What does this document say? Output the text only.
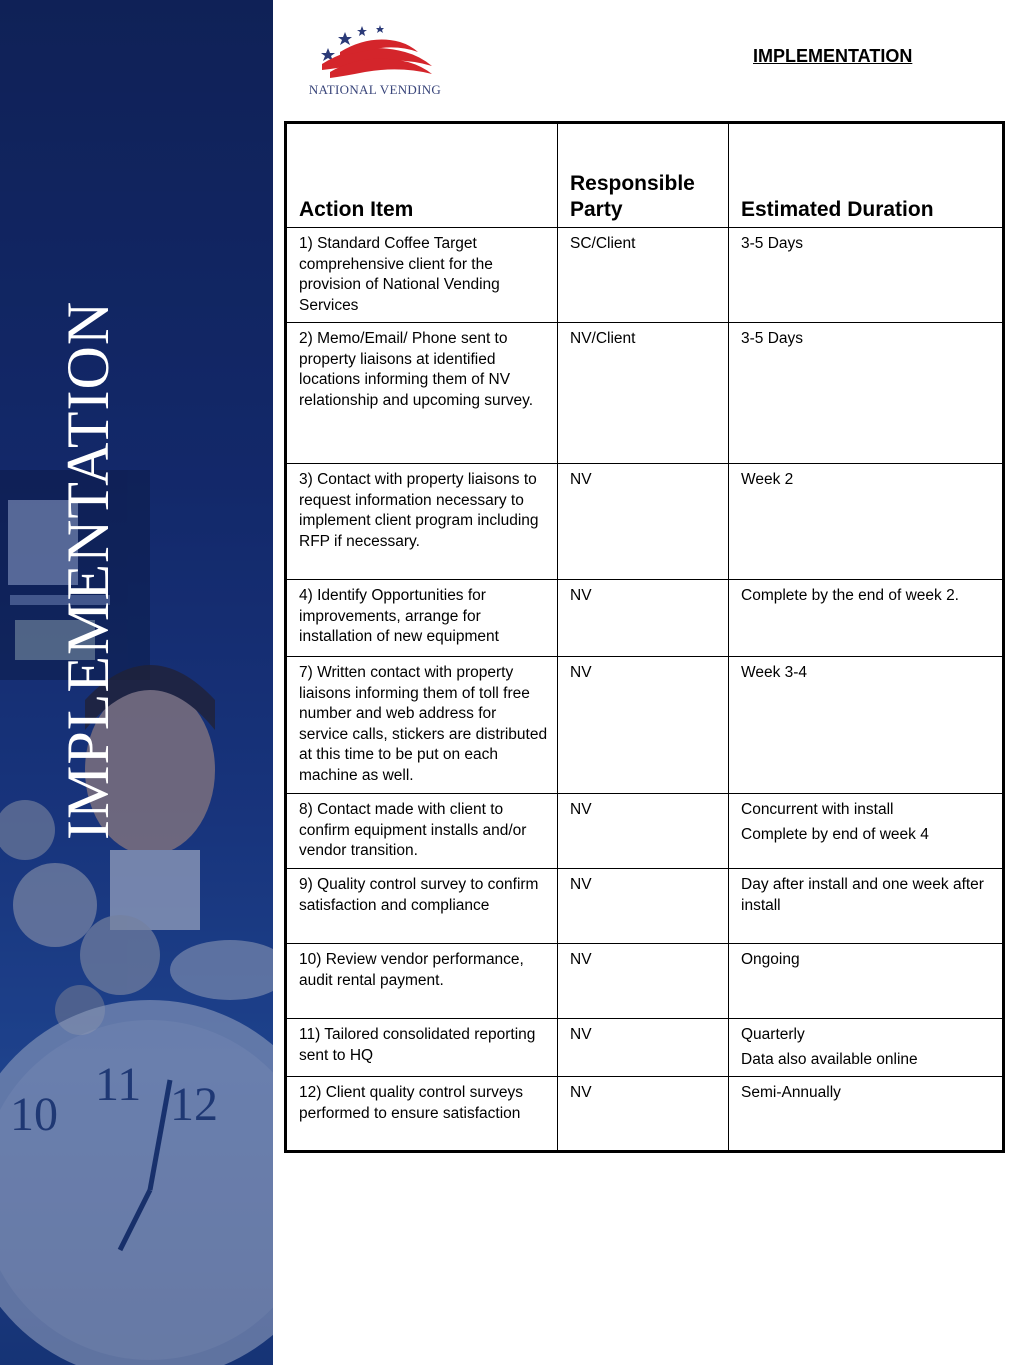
10
11 12
IMPLEMENTATION
NATIONAL VENDING
IMPLEMENTATION
Action Item	Responsible Party	Estimated Duration
1) Standard Coffee Target comprehensive client for the provision of National Vending Services	SC/Client	3-5 Days

2) Memo/Email/ Phone sent to property liaisons at identified locations informing them of NV relationship and upcoming survey.	NV/Client	3-5 Days

3) Contact with property liaisons to request information necessary to implement client program including RFP if necessary.	NV	Week 2

4) Identify Opportunities for improvements, arrange for installation of new equipment	NV	Complete by the end of week 2.

7) Written contact with property liaisons informing them of toll free number and web address for service calls, stickers are distributed at this time to be put on each machine as well.	NV	Week 3-4

8) Contact made with client to confirm equipment installs and/or vendor transition.	NV	Concurrent with install
Complete by end of week 4

9) Quality control survey to confirm satisfaction and compliance	NV	Day after install and one week after install

10) Review vendor performance, audit rental payment.	NV	Ongoing

11) Tailored consolidated reporting sent to HQ	NV	Quarterly
Data also available online

12) Client quality control surveys performed to ensure satisfaction	NV	Semi-Annually
